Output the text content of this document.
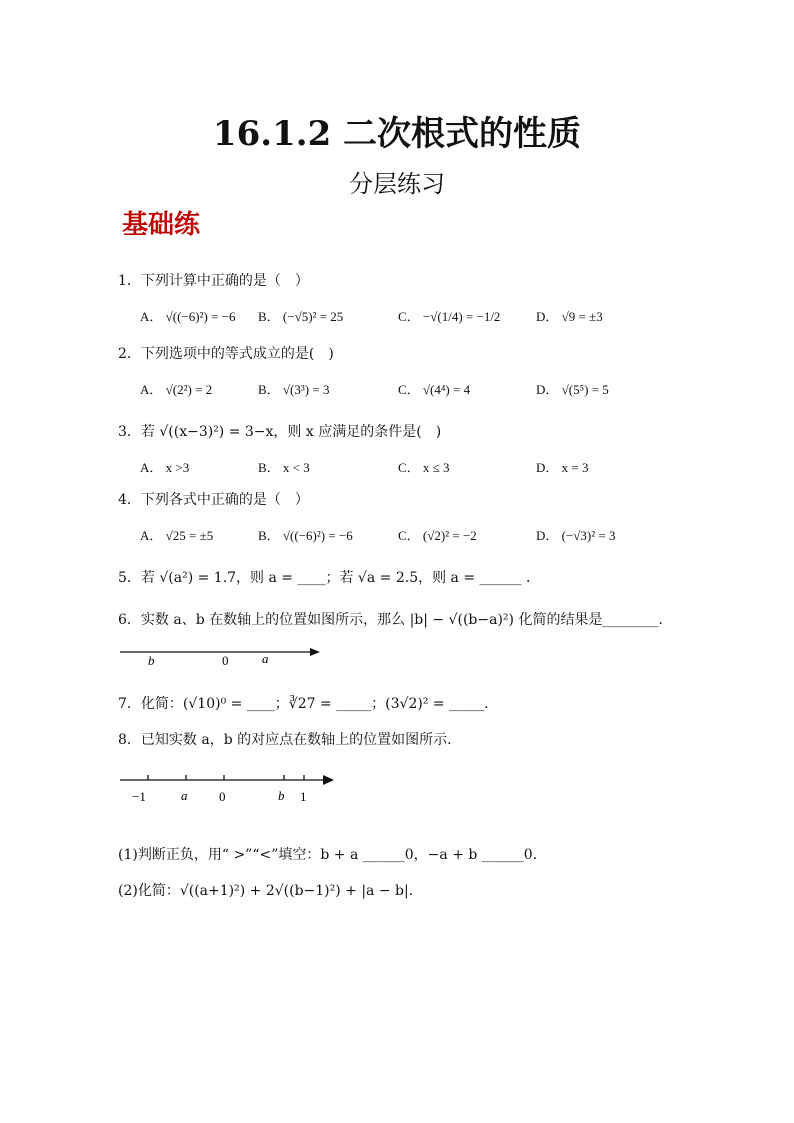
16.1.2 二次根式的性质
分层练习
基础练
1．下列计算中正确的是（　）
A． √((−6)²) = −6 B． (−√5)² = 25	C． −√(1/4) = −1/2	D． √9 = ±3
2．下列选项中的等式成立的是(　)
A． √(2²) = 2	B． √(3³) = 3	C． √(4⁴) = 4	D． √(5⁵) = 5
3．若 √((x−3)²) = 3−x，则 x 应满足的条件是(　)
A． x >3	B． x < 3	C． x ≤ 3	D． x = 3
4．下列各式中正确的是（　）
A． √25 = ±5	B． √((−6)²) = −6	C． (√2)² = −2	D． (−√3)² = 3
5．若 √(a²) = 1.7，则 a = ____；若 √a = 2.5，则 a = ______ ．
6．实数 a、b 在数轴上的位置如图所示，那么 |b| − √((b−a)²) 化简的结果是________．
b	0	a
7．化简：(√10)⁰ = ____；∛27 = _____；(3√2)² = _____．
8．已知实数 a，b 的对应点在数轴上的位置如图所示．
−1	a 0	b 1
(1)判断正负，用“ >”“<”填空：b + a ______0，−a + b ______0．
(2)化简：√((a+1)²) + 2√((b−1)²) + |a − b|．
